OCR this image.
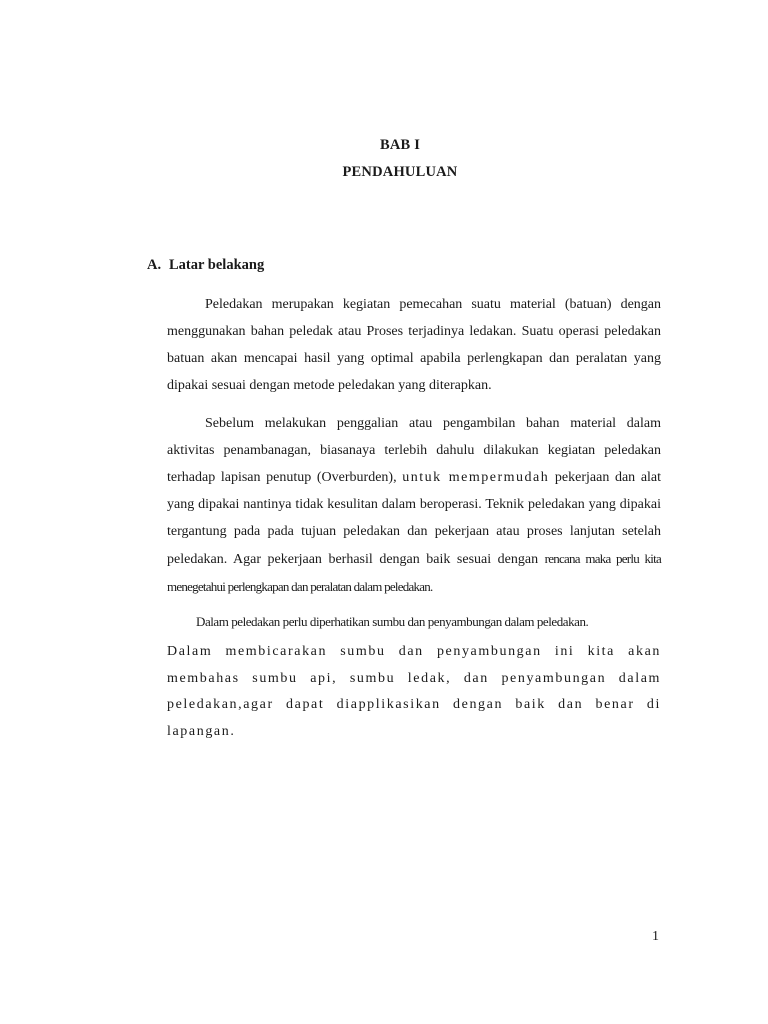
BAB I
PENDAHULUAN
A. Latar belakang
Peledakan merupakan kegiatan pemecahan suatu material (batuan) dengan menggunakan bahan peledak atau Proses terjadinya ledakan. Suatu operasi peledakan batuan akan mencapai hasil yang optimal apabila perlengkapan dan peralatan yang dipakai sesuai dengan metode peledakan yang diterapkan.
Sebelum melakukan penggalian atau pengambilan bahan material dalam aktivitas penambanagan, biasanaya terlebih dahulu dilakukan kegiatan peledakan terhadap lapisan penutup (Overburden), untuk mempermudah pekerjaan dan alat yang dipakai nantinya tidak kesulitan dalam beroperasi. Teknik peledakan yang dipakai tergantung pada pada tujuan peledakan dan pekerjaan atau proses lanjutan setelah peledakan. Agar pekerjaan berhasil dengan baik sesuai dengan rencana maka perlu kita menegetahui perlengkapan dan peralatan dalam peledakan.
Dalam peledakan perlu diperhatikan sumbu dan penyambungan dalam peledakan.
Dalam membicarakan sumbu dan penyambungan ini kita akan membahas sumbu api, sumbu ledak, dan penyambungan dalam peledakan,agar dapat diapplikasikan dengan baik dan benar di lapangan.
1
